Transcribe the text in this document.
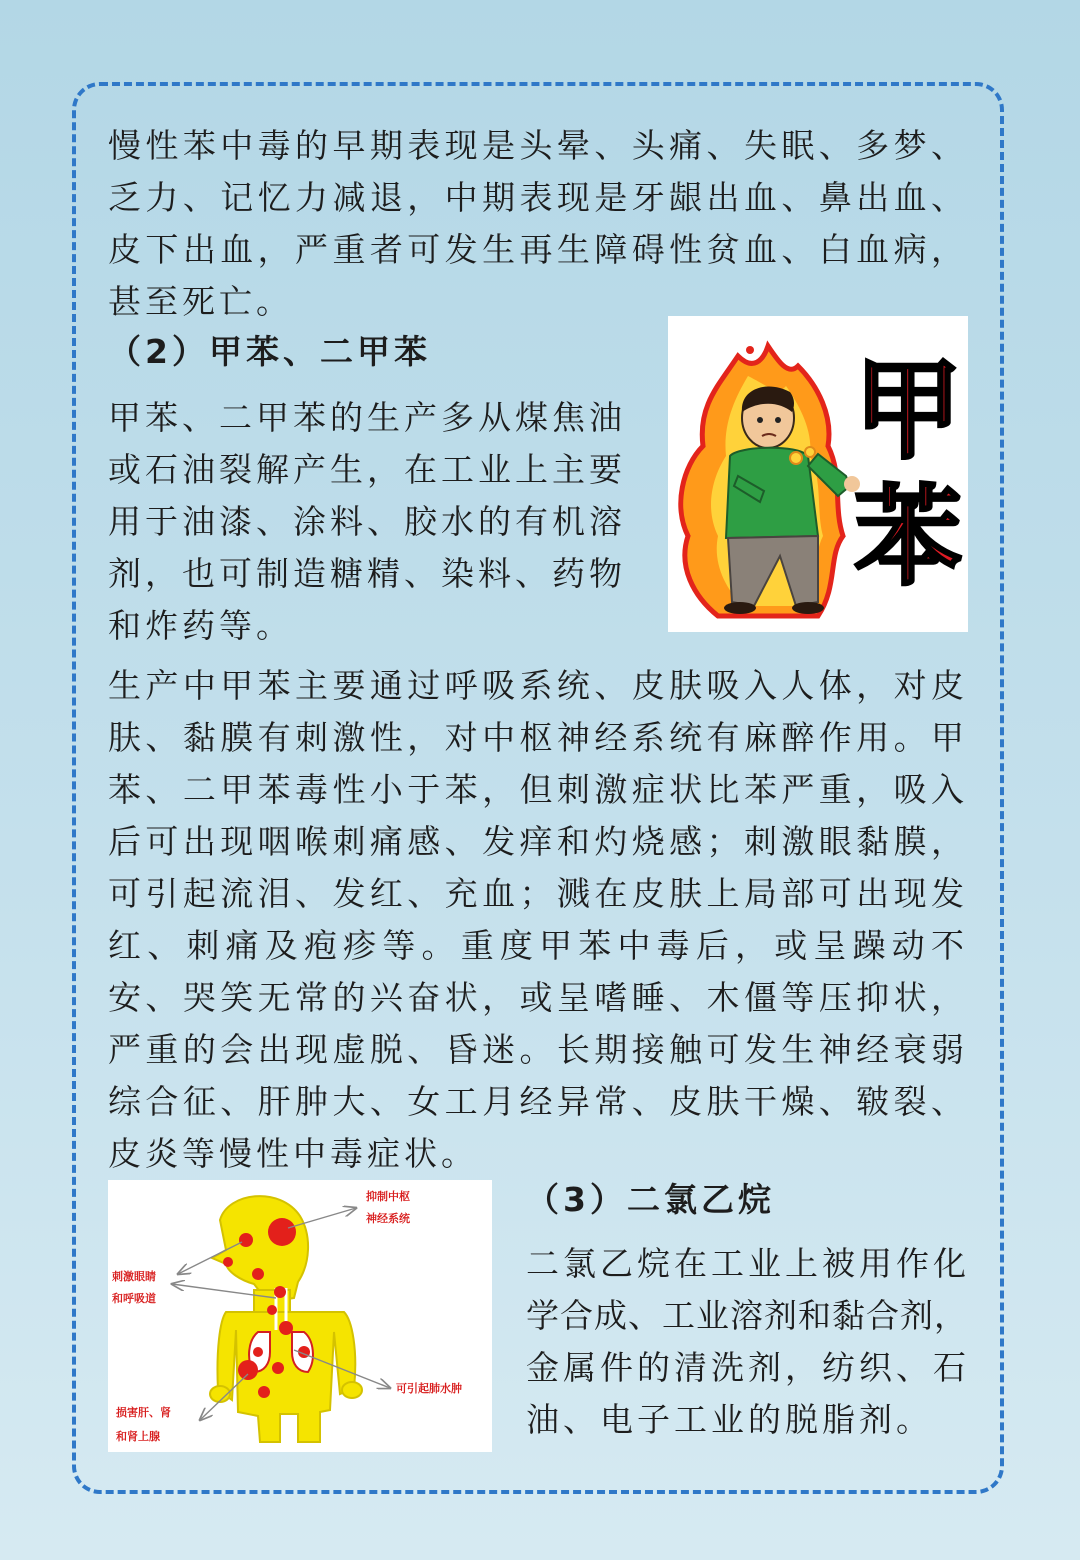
慢性苯中毒的早期表现是头晕、头痛、失眠、多梦、乏力、记忆力减退，中期表现是牙龈出血、鼻出血、皮下出血，严重者可发生再生障碍性贫血、白血病，甚至死亡。

（2）甲苯、二甲苯
甲苯、二甲苯的生产多从煤焦油
或石油裂解产生，在工业上主要
用于油漆、涂料、胶水的有机溶
剂，也可制造糖精、染料、药物
和炸药等。
甲
苯

生产中甲苯主要通过呼吸系统、皮肤吸入人体，对皮肤、黏膜有刺激性，对中枢神经系统有麻醉作用。甲苯、二甲苯毒性小于苯，但刺激症状比苯严重，吸入后可出现咽喉刺痛感、发痒和灼烧感；刺激眼黏膜，可引起流泪、发红、充血；溅在皮肤上局部可出现发红、刺痛及疱疹等。重度甲苯中毒后，或呈躁动不安、哭笑无常的兴奋状，或呈嗜睡、木僵等压抑状，严重的会出现虚脱、昏迷。长期接触可发生神经衰弱综合征、肝肿大、女工月经异常、皮肤干燥、皲裂、皮炎等慢性中毒症状。

抑制中枢
神经系统
刺激眼睛
和呼吸道
可引起肺水肿
损害肝、肾
和肾上腺
（3）二氯乙烷
二氯乙烷在工业上被用作化
学合成、工业溶剂和黏合剂，
金属件的清洗剂，纺织、石
油、电子工业的脱脂剂。
